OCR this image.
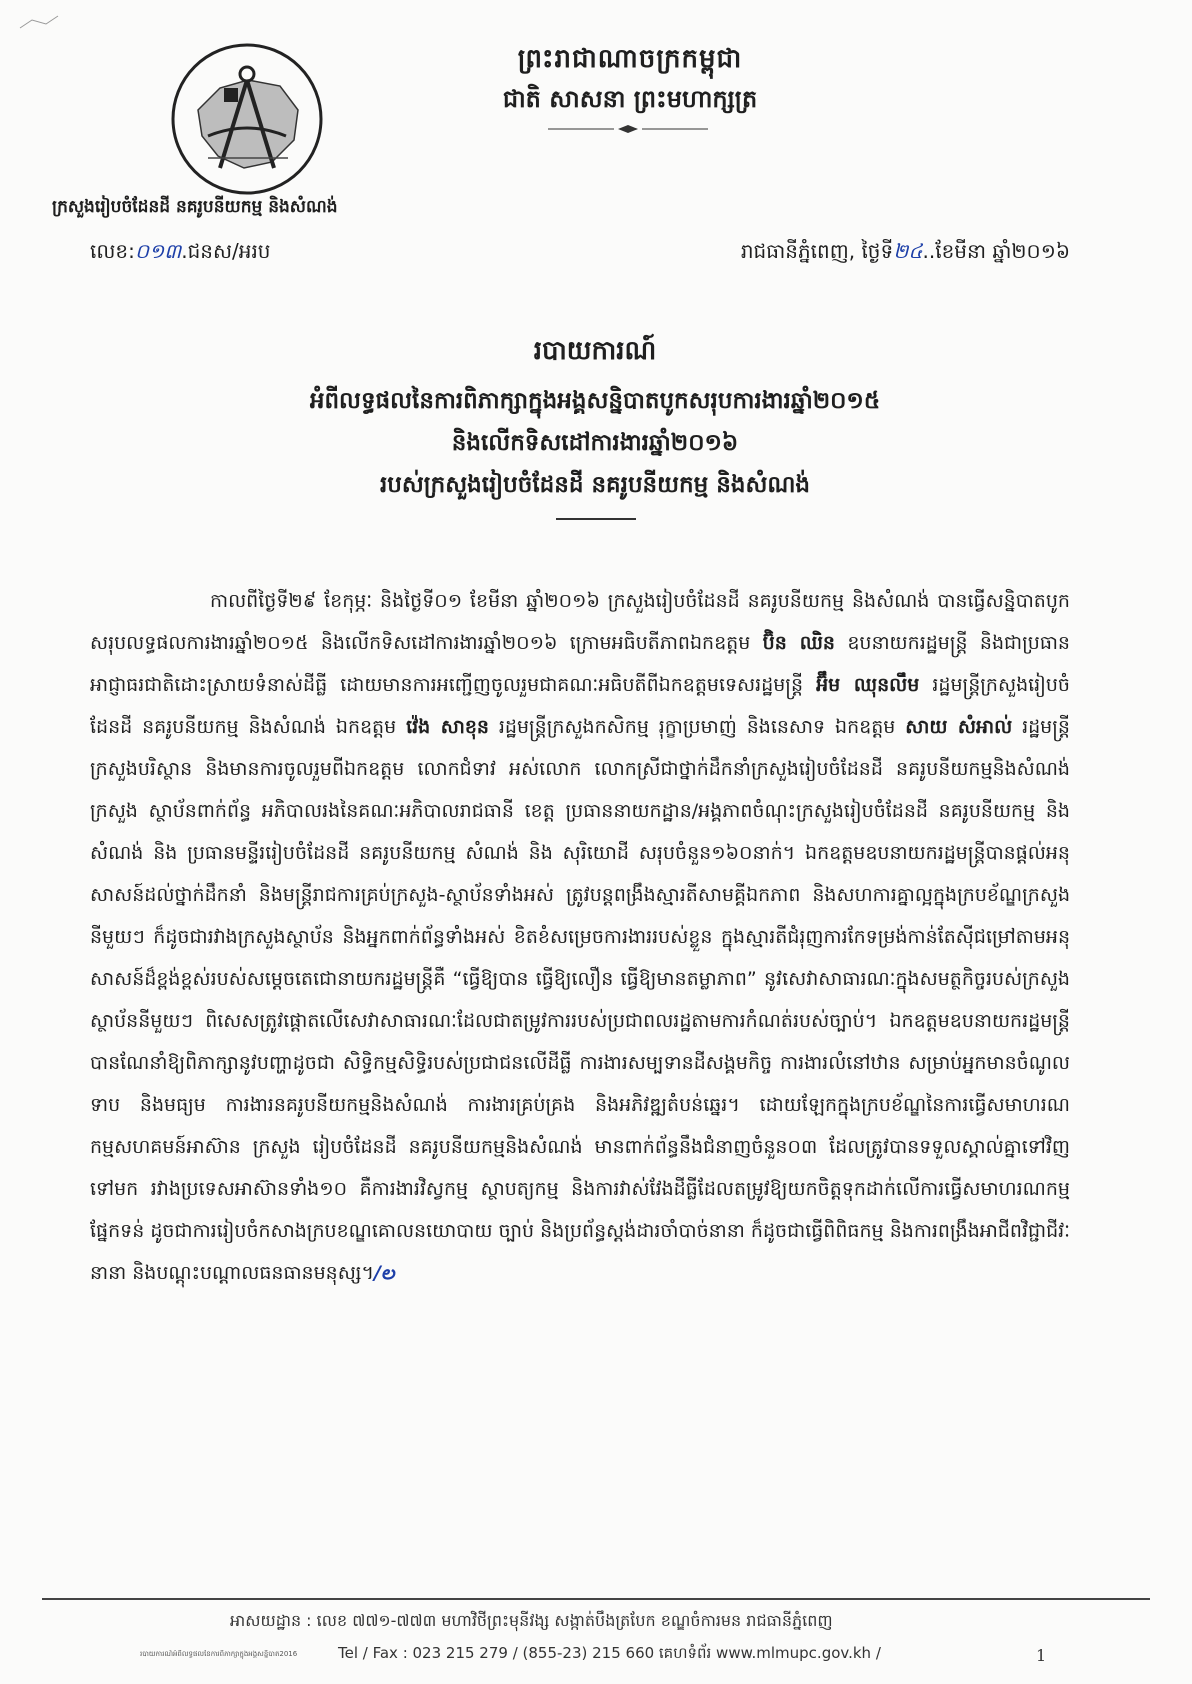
ព្រះរាជាណាចក្រកម្ពុជា
ជាតិ សាសនា ព្រះមហាក្សត្រ
ក្រសួងរៀបចំដែនដី នគរូបនីយកម្ម និងសំណង់
លេខ:០១៣.ជនស/អរប	រាជធានីភ្នំពេញ, ថ្ងៃទី២៤..ខែមីនា ឆ្នាំ២០១៦
របាយការណ៍
អំពីលទ្ធផលនៃការពិភាក្សាក្នុងអង្គសន្និបាតបូកសរុបការងារឆ្នាំ២០១៥
និងលើកទិសដៅការងារឆ្នាំ២០១៦
របស់ក្រសួងរៀបចំដែនដី នគរូបនីយកម្ម និងសំណង់
កាលពីថ្ងៃទី២៩ ខែកុម្ភៈ និងថ្ងៃទី០១ ខែមីនា ឆ្នាំ២០១៦ ក្រសួងរៀបចំដែនដី នគរូបនីយកម្ម និងសំណង់ បានធ្វើសន្និបាតបូកសរុបលទ្ធផលការងារឆ្នាំ២០១៥ និងលើកទិសដៅការងារឆ្នាំ២០១៦ ក្រោមអធិបតីភាពឯកឧត្តម ប៊ិន ឈិន ឧបនាយករដ្ឋមន្ត្រី និងជាប្រធានអាជ្ញាធរជាតិដោះស្រាយទំនាស់ដីធ្លី ដោយមានការអញ្ជើញចូលរួមជាគណៈអធិបតីពីឯកឧត្តមទេសរដ្ឋមន្ត្រី អ៊ឹម ឈុនលឹម រដ្ឋមន្ត្រីក្រសួងរៀបចំដែនដី នគរូបនីយកម្ម និងសំណង់ ឯកឧត្តម វ៉េង សាខុន រដ្ឋមន្ត្រីក្រសួងកសិកម្ម រុក្ខាប្រមាញ់ និងនេសាទ ឯកឧត្តម សាយ សំអាល់ រដ្ឋមន្ត្រីក្រសួងបរិស្ថាន និងមានការចូលរួមពីឯកឧត្តម លោកជំទាវ អស់លោក លោកស្រីជាថ្នាក់ដឹកនាំក្រសួងរៀបចំដែនដី នគរូបនីយកម្មនិងសំណង់ ក្រសួង ស្ថាប័នពាក់ព័ន្ធ អភិបាលរងនៃគណៈអភិបាលរាជធានី ខេត្ត ប្រធាននាយកដ្ឋាន/អង្គភាពចំណុះក្រសួងរៀបចំដែនដី នគរូបនីយកម្ម និងសំណង់ និង ប្រធានមន្ទីររៀបចំដែនដី នគរូបនីយកម្ម សំណង់ និង សុរិយោដី សរុបចំនួន១៦០នាក់។ ឯកឧត្តមឧបនាយករដ្ឋមន្ត្រីបានផ្តល់អនុសាសន៍ដល់ថ្នាក់ដឹកនាំ និងមន្ត្រីរាជការគ្រប់ក្រសួង-ស្ថាប័នទាំងអស់ ត្រូវបន្តពង្រឹងស្មារតីសាមគ្គីឯកភាព និងសហការគ្នាល្អក្នុងក្របខ័ណ្ឌក្រសួងនីមួយៗ ក៏ដូចជារវាងក្រសួងស្ថាប័ន និងអ្នកពាក់ព័ន្ធទាំងអស់ ខិតខំសម្រេចការងាររបស់ខ្លួន ក្នុងស្មារតីជំរុញការកែទម្រង់កាន់តែស៊ីជម្រៅតាមអនុសាសន៍ដ៏ខ្ពង់ខ្ពស់របស់សម្តេចតេជោនាយករដ្ឋមន្ត្រីគឺ “ធ្វើឱ្យបាន ធ្វើឱ្យលឿន ធ្វើឱ្យមានតម្លាភាព” នូវសេវាសាធារណៈក្នុងសមត្ថកិច្ចរបស់ក្រសួងស្ថាប័ននីមួយៗ ពិសេសត្រូវផ្តោតលើសេវាសាធារណៈដែលជាតម្រូវការរបស់ប្រជាពលរដ្ឋតាមការកំណត់របស់ច្បាប់។ ឯកឧត្តមឧបនាយករដ្ឋមន្ត្រីបានណែនាំឱ្យពិភាក្សានូវបញ្ហាដូចជា សិទ្ធិកម្មសិទ្ធិរបស់ប្រជាជនលើដីធ្លី ការងារសម្បទានដីសង្គមកិច្ច ការងារលំនៅឋាន សម្រាប់អ្នកមានចំណូលទាប និងមធ្យម ការងារនគរូបនីយកម្មនិងសំណង់ ការងារគ្រប់គ្រង និងអភិវឌ្ឍតំបន់ឆ្នេរ។ ដោយឡែកក្នុងក្របខ័ណ្ឌនៃការធ្វើសមាហរណកម្មសហគមន៍អាស៊ាន ក្រសួង រៀបចំដែនដី នគរូបនីយកម្មនិងសំណង់ មានពាក់ព័ន្ធនឹងជំនាញចំនួន០៣ ដែលត្រូវបានទទួលស្គាល់គ្នាទៅវិញទៅមក រវាងប្រទេសអាស៊ានទាំង១០ គឺការងារវិស្វកម្ម ស្ថាបត្យកម្ម និងការវាស់វែងដីធ្លីដែលតម្រូវឱ្យយកចិត្តទុកដាក់លើការធ្វើសមាហរណកម្មផ្នែកទន់ ដូចជាការរៀបចំកសាងក្របខណ្ឌគោលនយោបាយ ច្បាប់ និងប្រព័ន្ធស្តង់ដារចាំបាច់នានា ក៏ដូចជាធ្វើពិពិធកម្ម និងការពង្រឹងអាជីពវិជ្ជាជីវៈនានា និងបណ្តុះបណ្តាលធនធានមនុស្ស។/ల
អាសយដ្ឋាន : លេខ ៧៧១-៧៧៣ មហាវិថីព្រះមុនីវង្ស សង្កាត់បឹងត្របែក ខណ្ឌចំការមន រាជធានីភ្នំពេញ
របាយការណ៍អំពីលទ្ធផលនៃការពិភាក្សាក្នុងអង្គសន្និបាត2016	Tel / Fax : 023 215 279 / (855-23) 215 660 គេហទំព័រ www.mlmupc.gov.kh /	1
